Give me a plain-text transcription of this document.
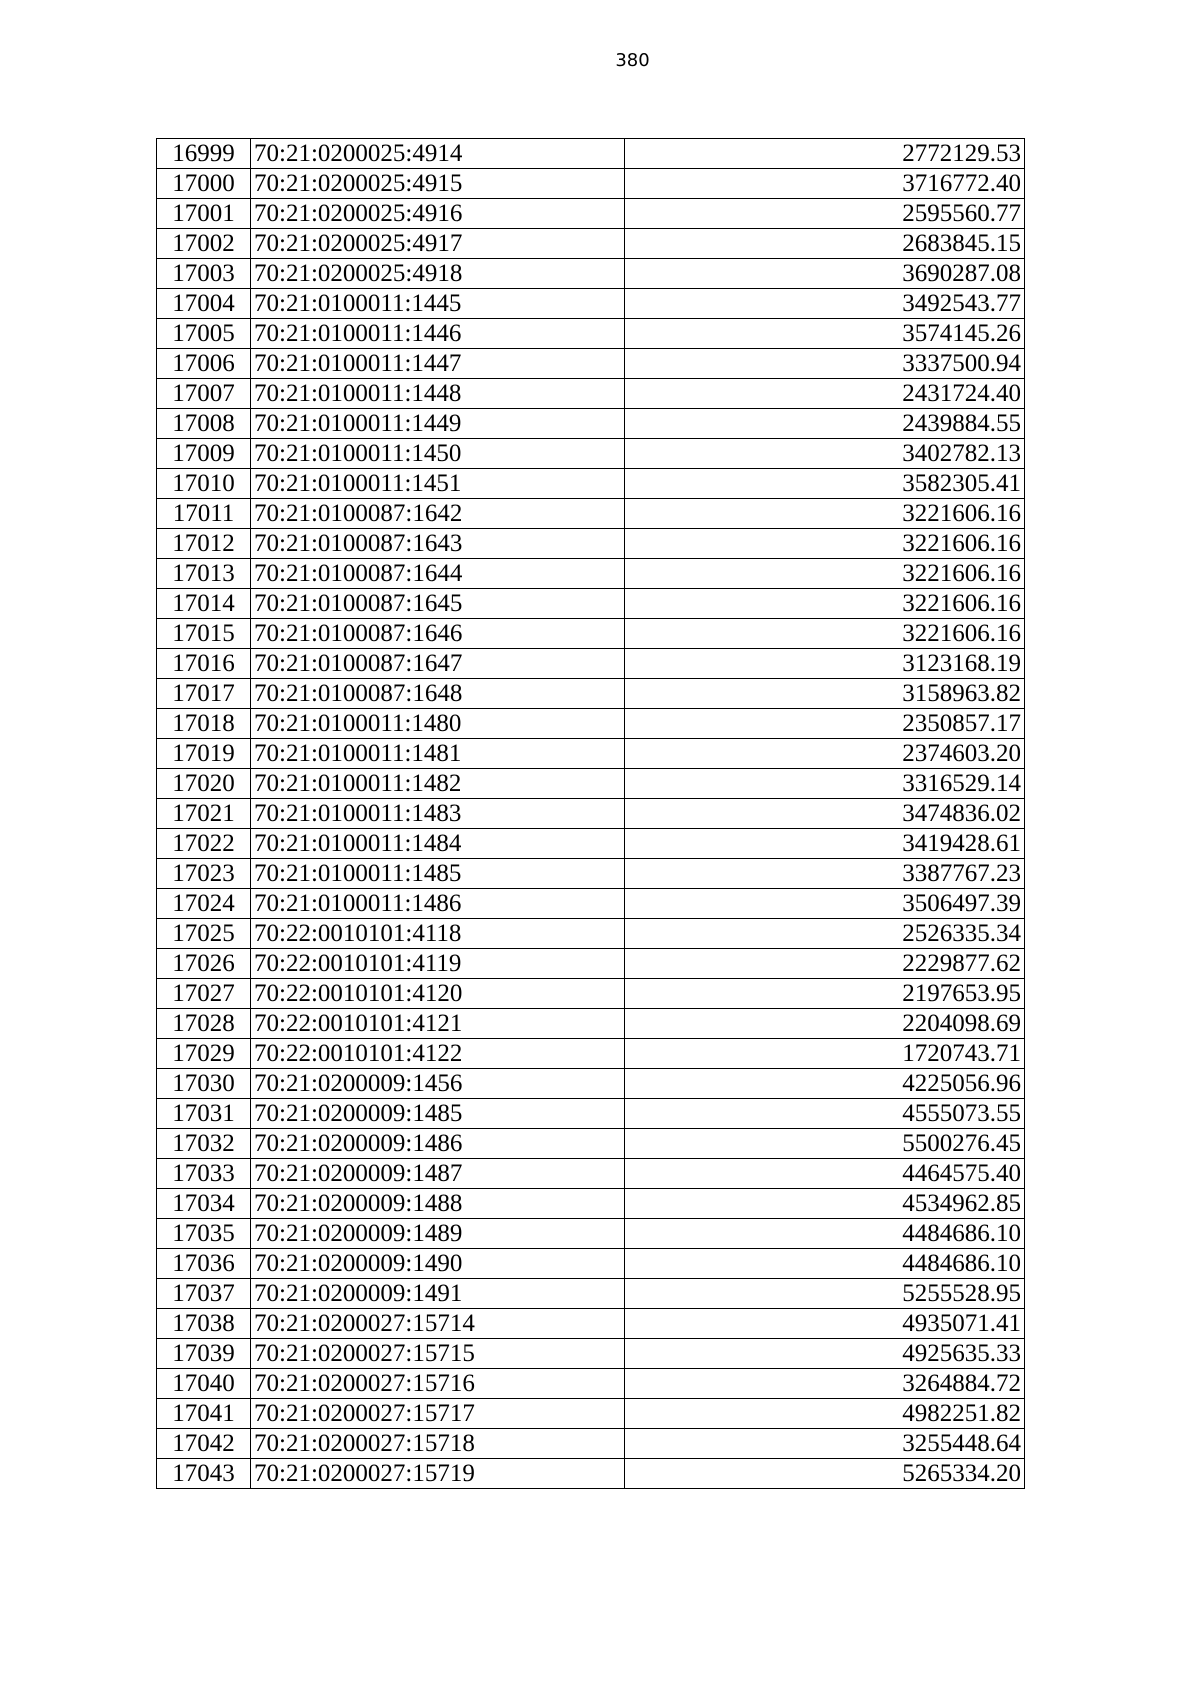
380
16999	70:21:0200025:4914	2772129.53
17000	70:21:0200025:4915	3716772.40
17001	70:21:0200025:4916	2595560.77
17002	70:21:0200025:4917	2683845.15
17003	70:21:0200025:4918	3690287.08
17004	70:21:0100011:1445	3492543.77
17005	70:21:0100011:1446	3574145.26
17006	70:21:0100011:1447	3337500.94
17007	70:21:0100011:1448	2431724.40
17008	70:21:0100011:1449	2439884.55
17009	70:21:0100011:1450	3402782.13
17010	70:21:0100011:1451	3582305.41
17011	70:21:0100087:1642	3221606.16
17012	70:21:0100087:1643	3221606.16
17013	70:21:0100087:1644	3221606.16
17014	70:21:0100087:1645	3221606.16
17015	70:21:0100087:1646	3221606.16
17016	70:21:0100087:1647	3123168.19
17017	70:21:0100087:1648	3158963.82
17018	70:21:0100011:1480	2350857.17
17019	70:21:0100011:1481	2374603.20
17020	70:21:0100011:1482	3316529.14
17021	70:21:0100011:1483	3474836.02
17022	70:21:0100011:1484	3419428.61
17023	70:21:0100011:1485	3387767.23
17024	70:21:0100011:1486	3506497.39
17025	70:22:0010101:4118	2526335.34
17026	70:22:0010101:4119	2229877.62
17027	70:22:0010101:4120	2197653.95
17028	70:22:0010101:4121	2204098.69
17029	70:22:0010101:4122	1720743.71
17030	70:21:0200009:1456	4225056.96
17031	70:21:0200009:1485	4555073.55
17032	70:21:0200009:1486	5500276.45
17033	70:21:0200009:1487	4464575.40
17034	70:21:0200009:1488	4534962.85
17035	70:21:0200009:1489	4484686.10
17036	70:21:0200009:1490	4484686.10
17037	70:21:0200009:1491	5255528.95
17038	70:21:0200027:15714	4935071.41
17039	70:21:0200027:15715	4925635.33
17040	70:21:0200027:15716	3264884.72
17041	70:21:0200027:15717	4982251.82
17042	70:21:0200027:15718	3255448.64
17043	70:21:0200027:15719	5265334.20
